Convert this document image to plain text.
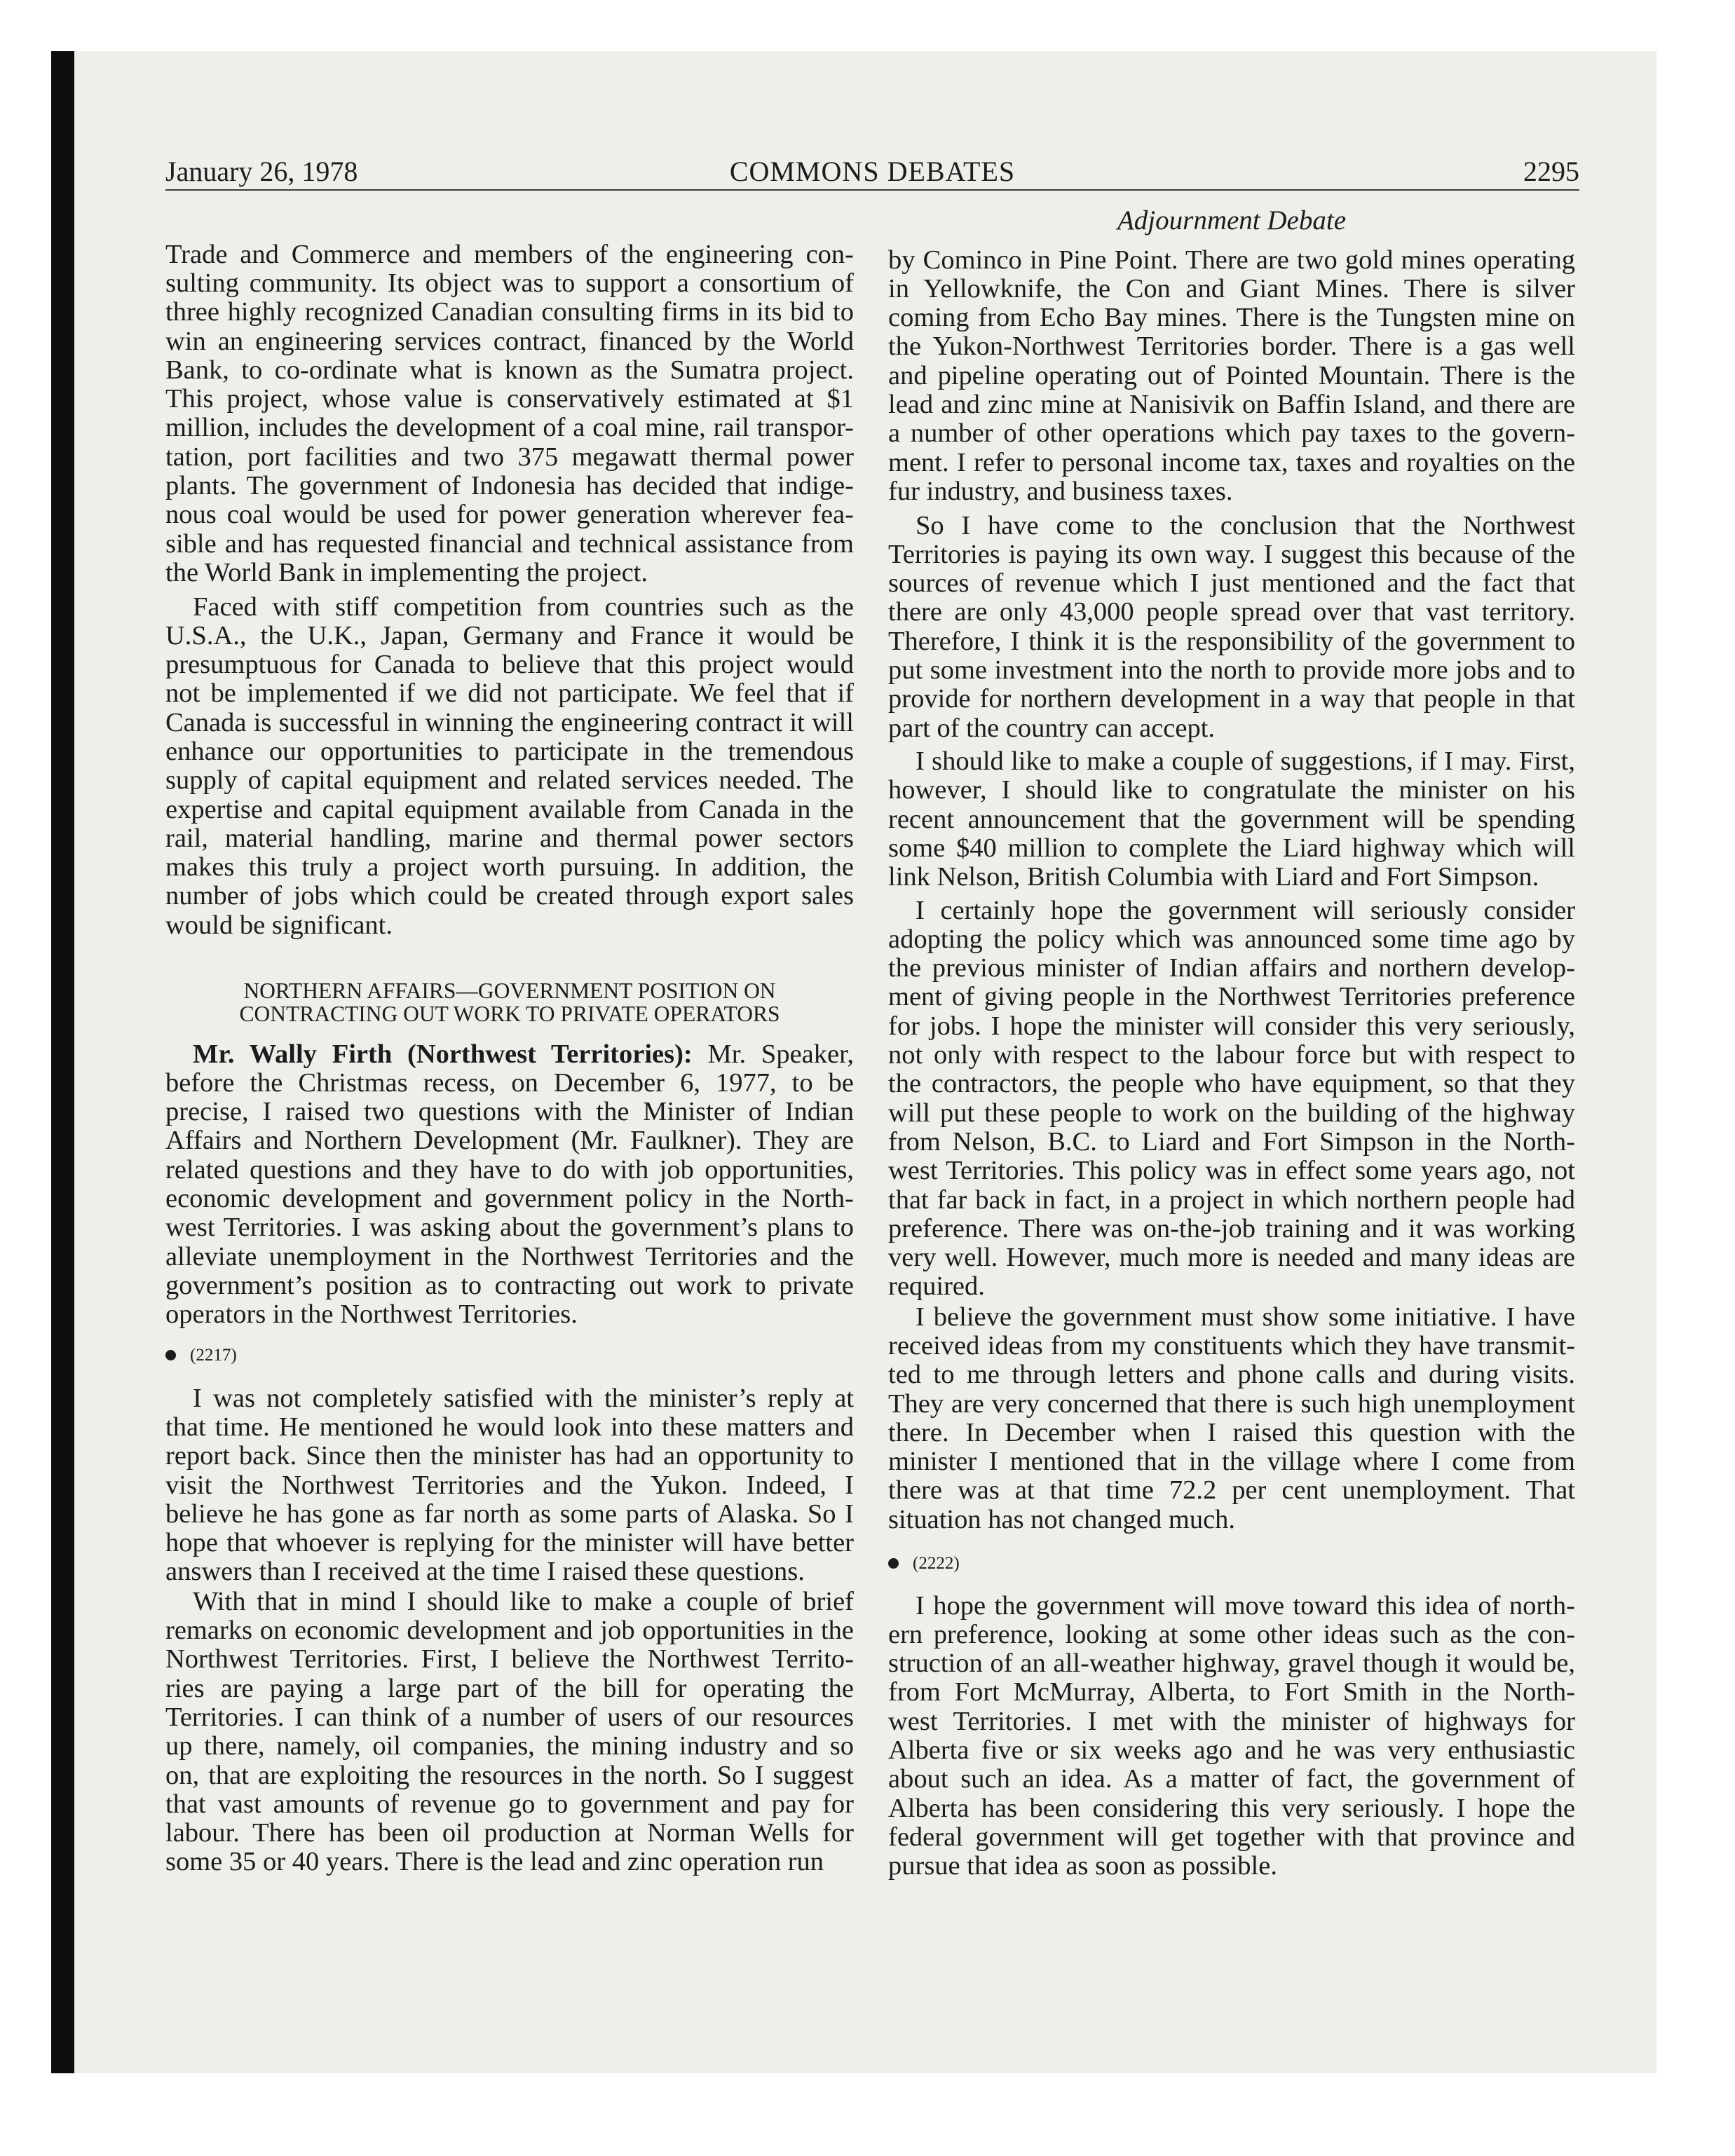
January 26, 1978	COMMONS DEBATES	2295
Adjournment Debate
Trade and Commerce and members of the engineering con-
sulting community. Its object was to support a consortium of
three highly recognized Canadian consulting firms in its bid to
win an engineering services contract, financed by the World
Bank, to co-ordinate what is known as the Sumatra project.
This project, whose value is conservatively estimated at $1
million, includes the development of a coal mine, rail transpor-
tation, port facilities and two 375 megawatt thermal power
plants. The government of Indonesia has decided that indige-
nous coal would be used for power generation wherever fea-
sible and has requested financial and technical assistance from
the World Bank in implementing the project.
Faced with stiff competition from countries such as the
U.S.A., the U.K., Japan, Germany and France it would be
presumptuous for Canada to believe that this project would
not be implemented if we did not participate. We feel that if
Canada is successful in winning the engineering contract it will
enhance our opportunities to participate in the tremendous
supply of capital equipment and related services needed. The
expertise and capital equipment available from Canada in the
rail, material handling, marine and thermal power sectors
makes this truly a project worth pursuing. In addition, the
number of jobs which could be created through export sales
would be significant.
NORTHERN AFFAIRS—GOVERNMENT POSITION ON
CONTRACTING OUT WORK TO PRIVATE OPERATORS
Mr. Wally Firth (Northwest Territories): Mr. Speaker,
before the Christmas recess, on December 6, 1977, to be
precise, I raised two questions with the Minister of Indian
Affairs and Northern Development (Mr. Faulkner). They are
related questions and they have to do with job opportunities,
economic development and government policy in the North-
west Territories. I was asking about the government’s plans to
alleviate unemployment in the Northwest Territories and the
government’s position as to contracting out work to private
operators in the Northwest Territories.
(2217)
I was not completely satisfied with the minister’s reply at
that time. He mentioned he would look into these matters and
report back. Since then the minister has had an opportunity to
visit the Northwest Territories and the Yukon. Indeed, I
believe he has gone as far north as some parts of Alaska. So I
hope that whoever is replying for the minister will have better
answers than I received at the time I raised these questions.
With that in mind I should like to make a couple of brief
remarks on economic development and job opportunities in the
Northwest Territories. First, I believe the Northwest Territo-
ries are paying a large part of the bill for operating the
Territories. I can think of a number of users of our resources
up there, namely, oil companies, the mining industry and so
on, that are exploiting the resources in the north. So I suggest
that vast amounts of revenue go to government and pay for
labour. There has been oil production at Norman Wells for
some 35 or 40 years. There is the lead and zinc operation run
by Cominco in Pine Point. There are two gold mines operating
in Yellowknife, the Con and Giant Mines. There is silver
coming from Echo Bay mines. There is the Tungsten mine on
the Yukon-Northwest Territories border. There is a gas well
and pipeline operating out of Pointed Mountain. There is the
lead and zinc mine at Nanisivik on Baffin Island, and there are
a number of other operations which pay taxes to the govern-
ment. I refer to personal income tax, taxes and royalties on the
fur industry, and business taxes.
So I have come to the conclusion that the Northwest
Territories is paying its own way. I suggest this because of the
sources of revenue which I just mentioned and the fact that
there are only 43,000 people spread over that vast territory.
Therefore, I think it is the responsibility of the government to
put some investment into the north to provide more jobs and to
provide for northern development in a way that people in that
part of the country can accept.
I should like to make a couple of suggestions, if I may. First,
however, I should like to congratulate the minister on his
recent announcement that the government will be spending
some $40 million to complete the Liard highway which will
link Nelson, British Columbia with Liard and Fort Simpson.
I certainly hope the government will seriously consider
adopting the policy which was announced some time ago by
the previous minister of Indian affairs and northern develop-
ment of giving people in the Northwest Territories preference
for jobs. I hope the minister will consider this very seriously,
not only with respect to the labour force but with respect to
the contractors, the people who have equipment, so that they
will put these people to work on the building of the highway
from Nelson, B.C. to Liard and Fort Simpson in the North-
west Territories. This policy was in effect some years ago, not
that far back in fact, in a project in which northern people had
preference. There was on-the-job training and it was working
very well. However, much more is needed and many ideas are
required.
I believe the government must show some initiative. I have
received ideas from my constituents which they have transmit-
ted to me through letters and phone calls and during visits.
They are very concerned that there is such high unemployment
there. In December when I raised this question with the
minister I mentioned that in the village where I come from
there was at that time 72.2 per cent unemployment. That
situation has not changed much.
(2222)
I hope the government will move toward this idea of north-
ern preference, looking at some other ideas such as the con-
struction of an all-weather highway, gravel though it would be,
from Fort McMurray, Alberta, to Fort Smith in the North-
west Territories. I met with the minister of highways for
Alberta five or six weeks ago and he was very enthusiastic
about such an idea. As a matter of fact, the government of
Alberta has been considering this very seriously. I hope the
federal government will get together with that province and
pursue that idea as soon as possible.
